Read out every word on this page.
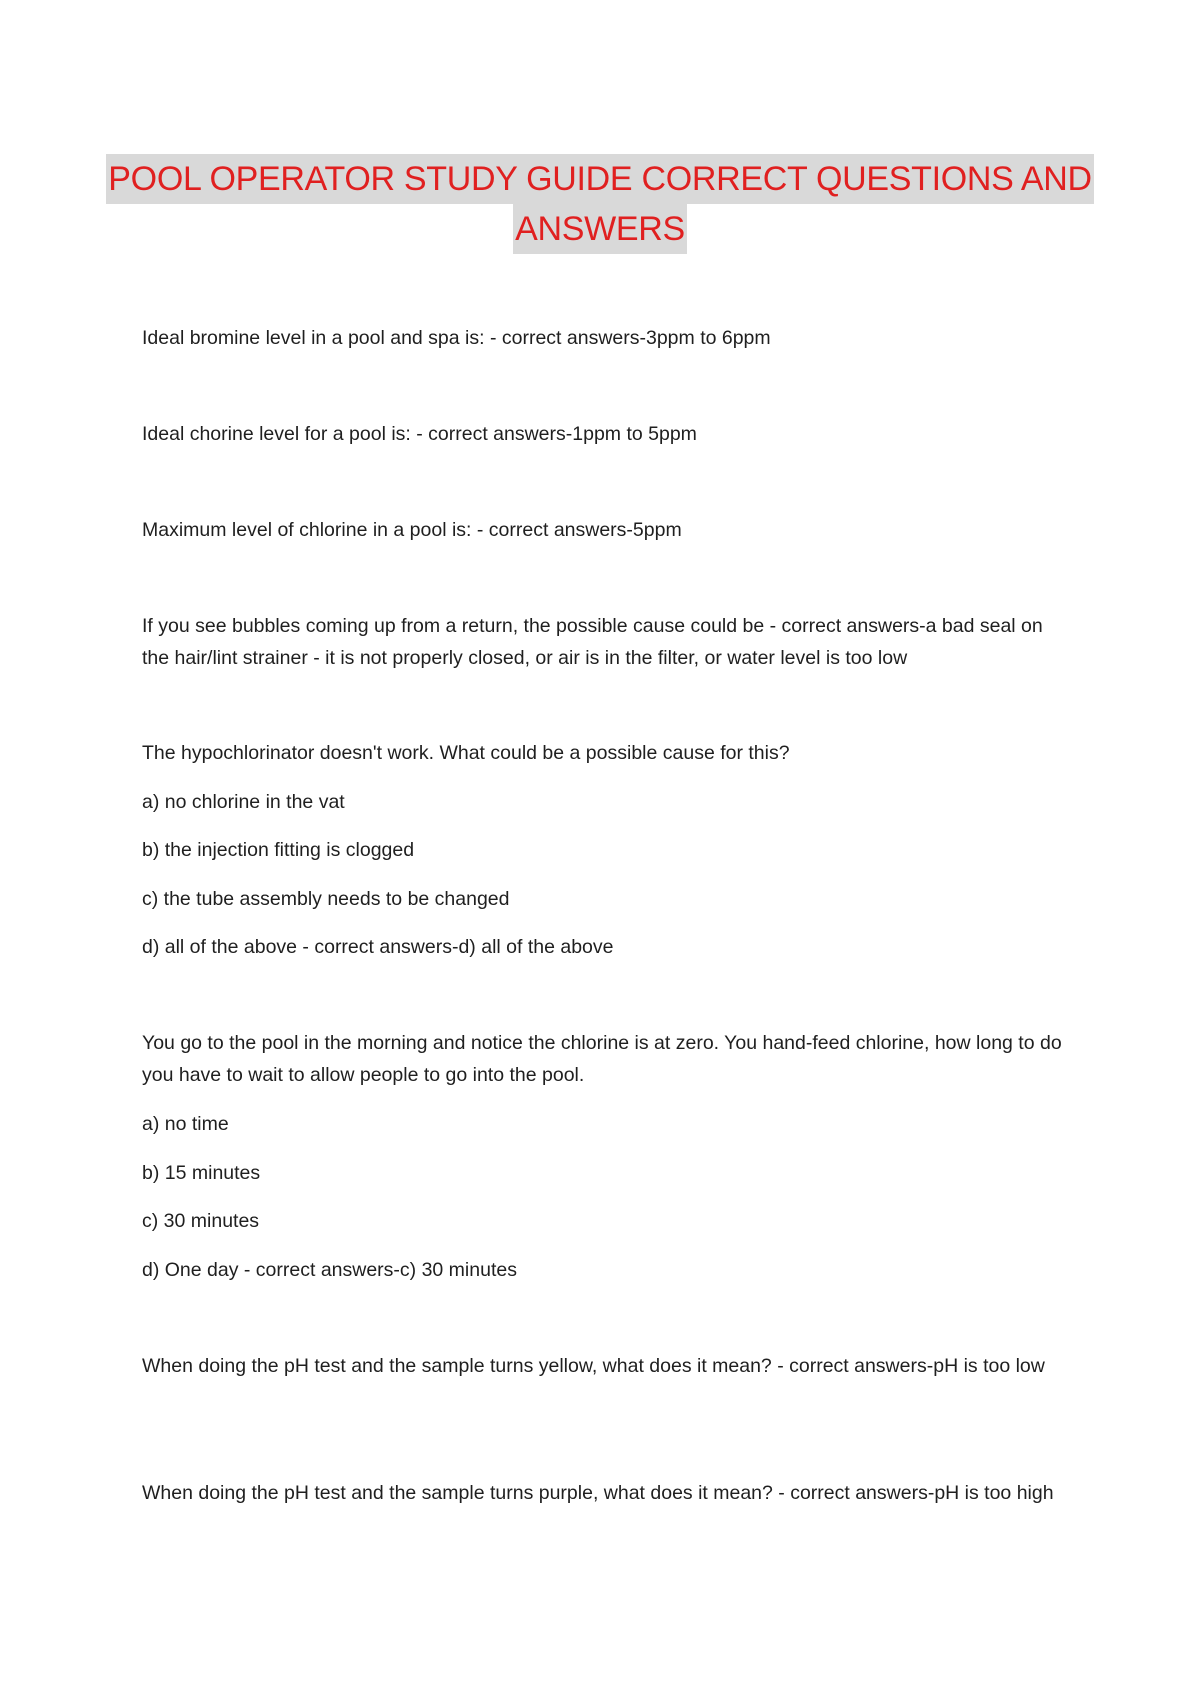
POOL OPERATOR STUDY GUIDE CORRECT QUESTIONS AND
ANSWERS

Ideal bromine level in a pool and spa is: - correct answers-3ppm to 6ppm

Ideal chorine level for a pool is: - correct answers-1ppm to 5ppm

Maximum level of chlorine in a pool is: - correct answers-5ppm

If you see bubbles coming up from a return, the possible cause could be - correct answers-a bad seal on the hair/lint strainer - it is not properly closed, or air is in the filter, or water level is too low

The hypochlorinator doesn't work. What could be a possible cause for this?

a) no chlorine in the vat

b) the injection fitting is clogged

c) the tube assembly needs to be changed

d) all of the above - correct answers-d) all of the above

You go to the pool in the morning and notice the chlorine is at zero. You hand-feed chlorine, how long to do you have to wait to allow people to go into the pool.

a) no time

b) 15 minutes

c) 30 minutes

d) One day - correct answers-c) 30 minutes

When doing the pH test and the sample turns yellow, what does it mean? - correct answers-pH is too low

When doing the pH test and the sample turns purple, what does it mean? - correct answers-pH is too high
